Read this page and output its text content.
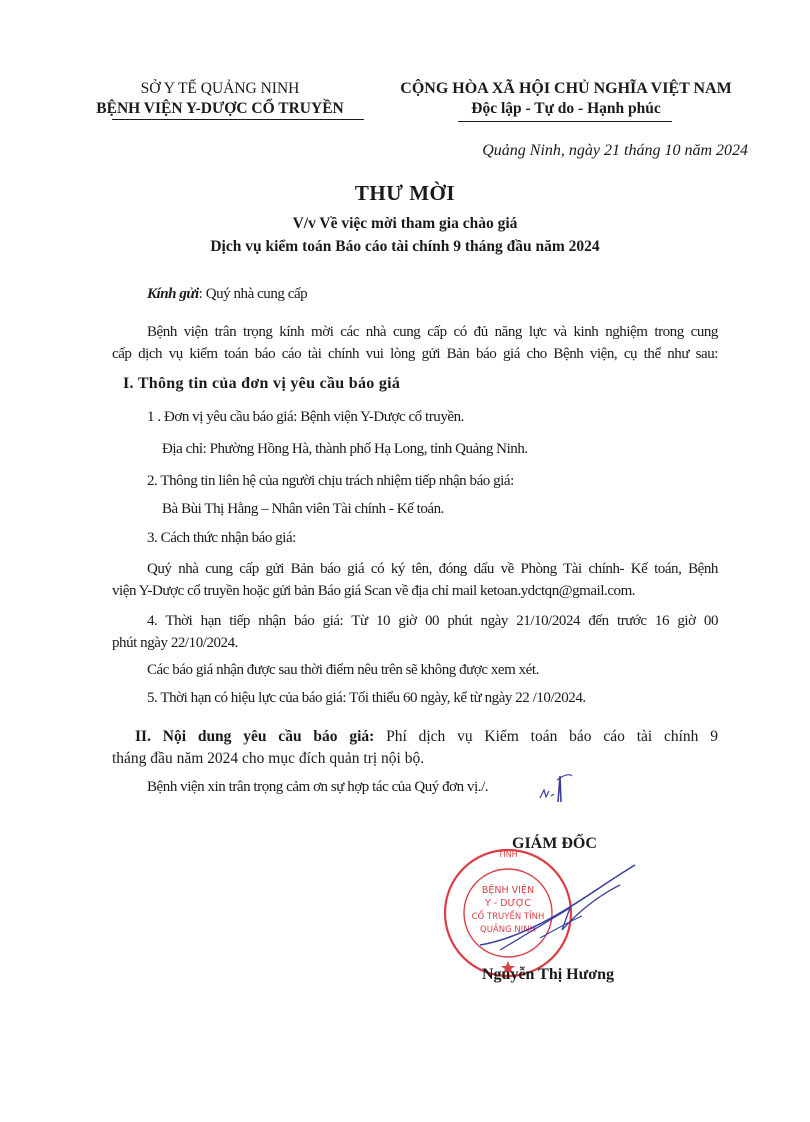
SỞ Y TẾ QUẢNG NINH
BỆNH VIỆN Y-DƯỢC CỔ TRUYỀN
CỘNG HÒA XÃ HỘI CHỦ NGHĨA VIỆT NAM
Độc lập - Tự do - Hạnh phúc
Quảng Ninh, ngày 21 tháng 10 năm 2024
THƯ MỜI
V/v Về việc mời tham gia chào giá
Dịch vụ kiểm toán Báo cáo tài chính 9 tháng đầu năm 2024
Kính gửi: Quý nhà cung cấp
Bệnh viện trân trọng kính mời các nhà cung cấp có đủ năng lực và kinh nghiệm trong cung
cấp dịch vụ kiểm toán báo cáo tài chính vui lòng gửi Bản báo giá cho Bệnh viện, cụ thể như sau:
I. Thông tin của đơn vị yêu cầu báo giá
1 . Đơn vị yêu cầu báo giá: Bệnh viện Y-Dược cổ truyền.
Địa chỉ: Phường Hồng Hà, thành phố Hạ Long, tỉnh Quảng Ninh.
2. Thông tin liên hệ của người chịu trách nhiệm tiếp nhận báo giá:
Bà Bùi Thị Hằng – Nhân viên Tài chính - Kế toán.
3. Cách thức nhận báo giá:
Quý nhà cung cấp gửi Bản báo giá có ký tên, đóng dấu về Phòng Tài chính- Kế toán, Bệnh
viện Y-Dược cổ truyền hoặc gửi bản Báo giá Scan về địa chỉ mail ketoan.ydctqn@gmail.com.
4. Thời hạn tiếp nhận báo giá: Từ 10 giờ 00 phút ngày 21/10/2024 đến trước 16 giờ 00
phút ngày 22/10/2024.
Các báo giá nhận được sau thời điểm nêu trên sẽ không được xem xét.
5. Thời hạn có hiệu lực của báo giá: Tối thiểu 60 ngày, kể từ ngày 22 /10/2024.
II. Nội dung yêu cầu báo giá: Phí dịch vụ Kiểm toán báo cáo tài chính 9
tháng đầu năm 2024 cho mục đích quản trị nội bộ.
Bệnh viện xin trân trọng cảm ơn sự hợp tác của Quý đơn vị./.
GIÁM ĐỐC
TỈNH
BỆNH VIỆN
Y - DƯỢC
CỔ TRUYỀN TỈNH
QUẢNG NINH
Nguyễn Thị Hương
